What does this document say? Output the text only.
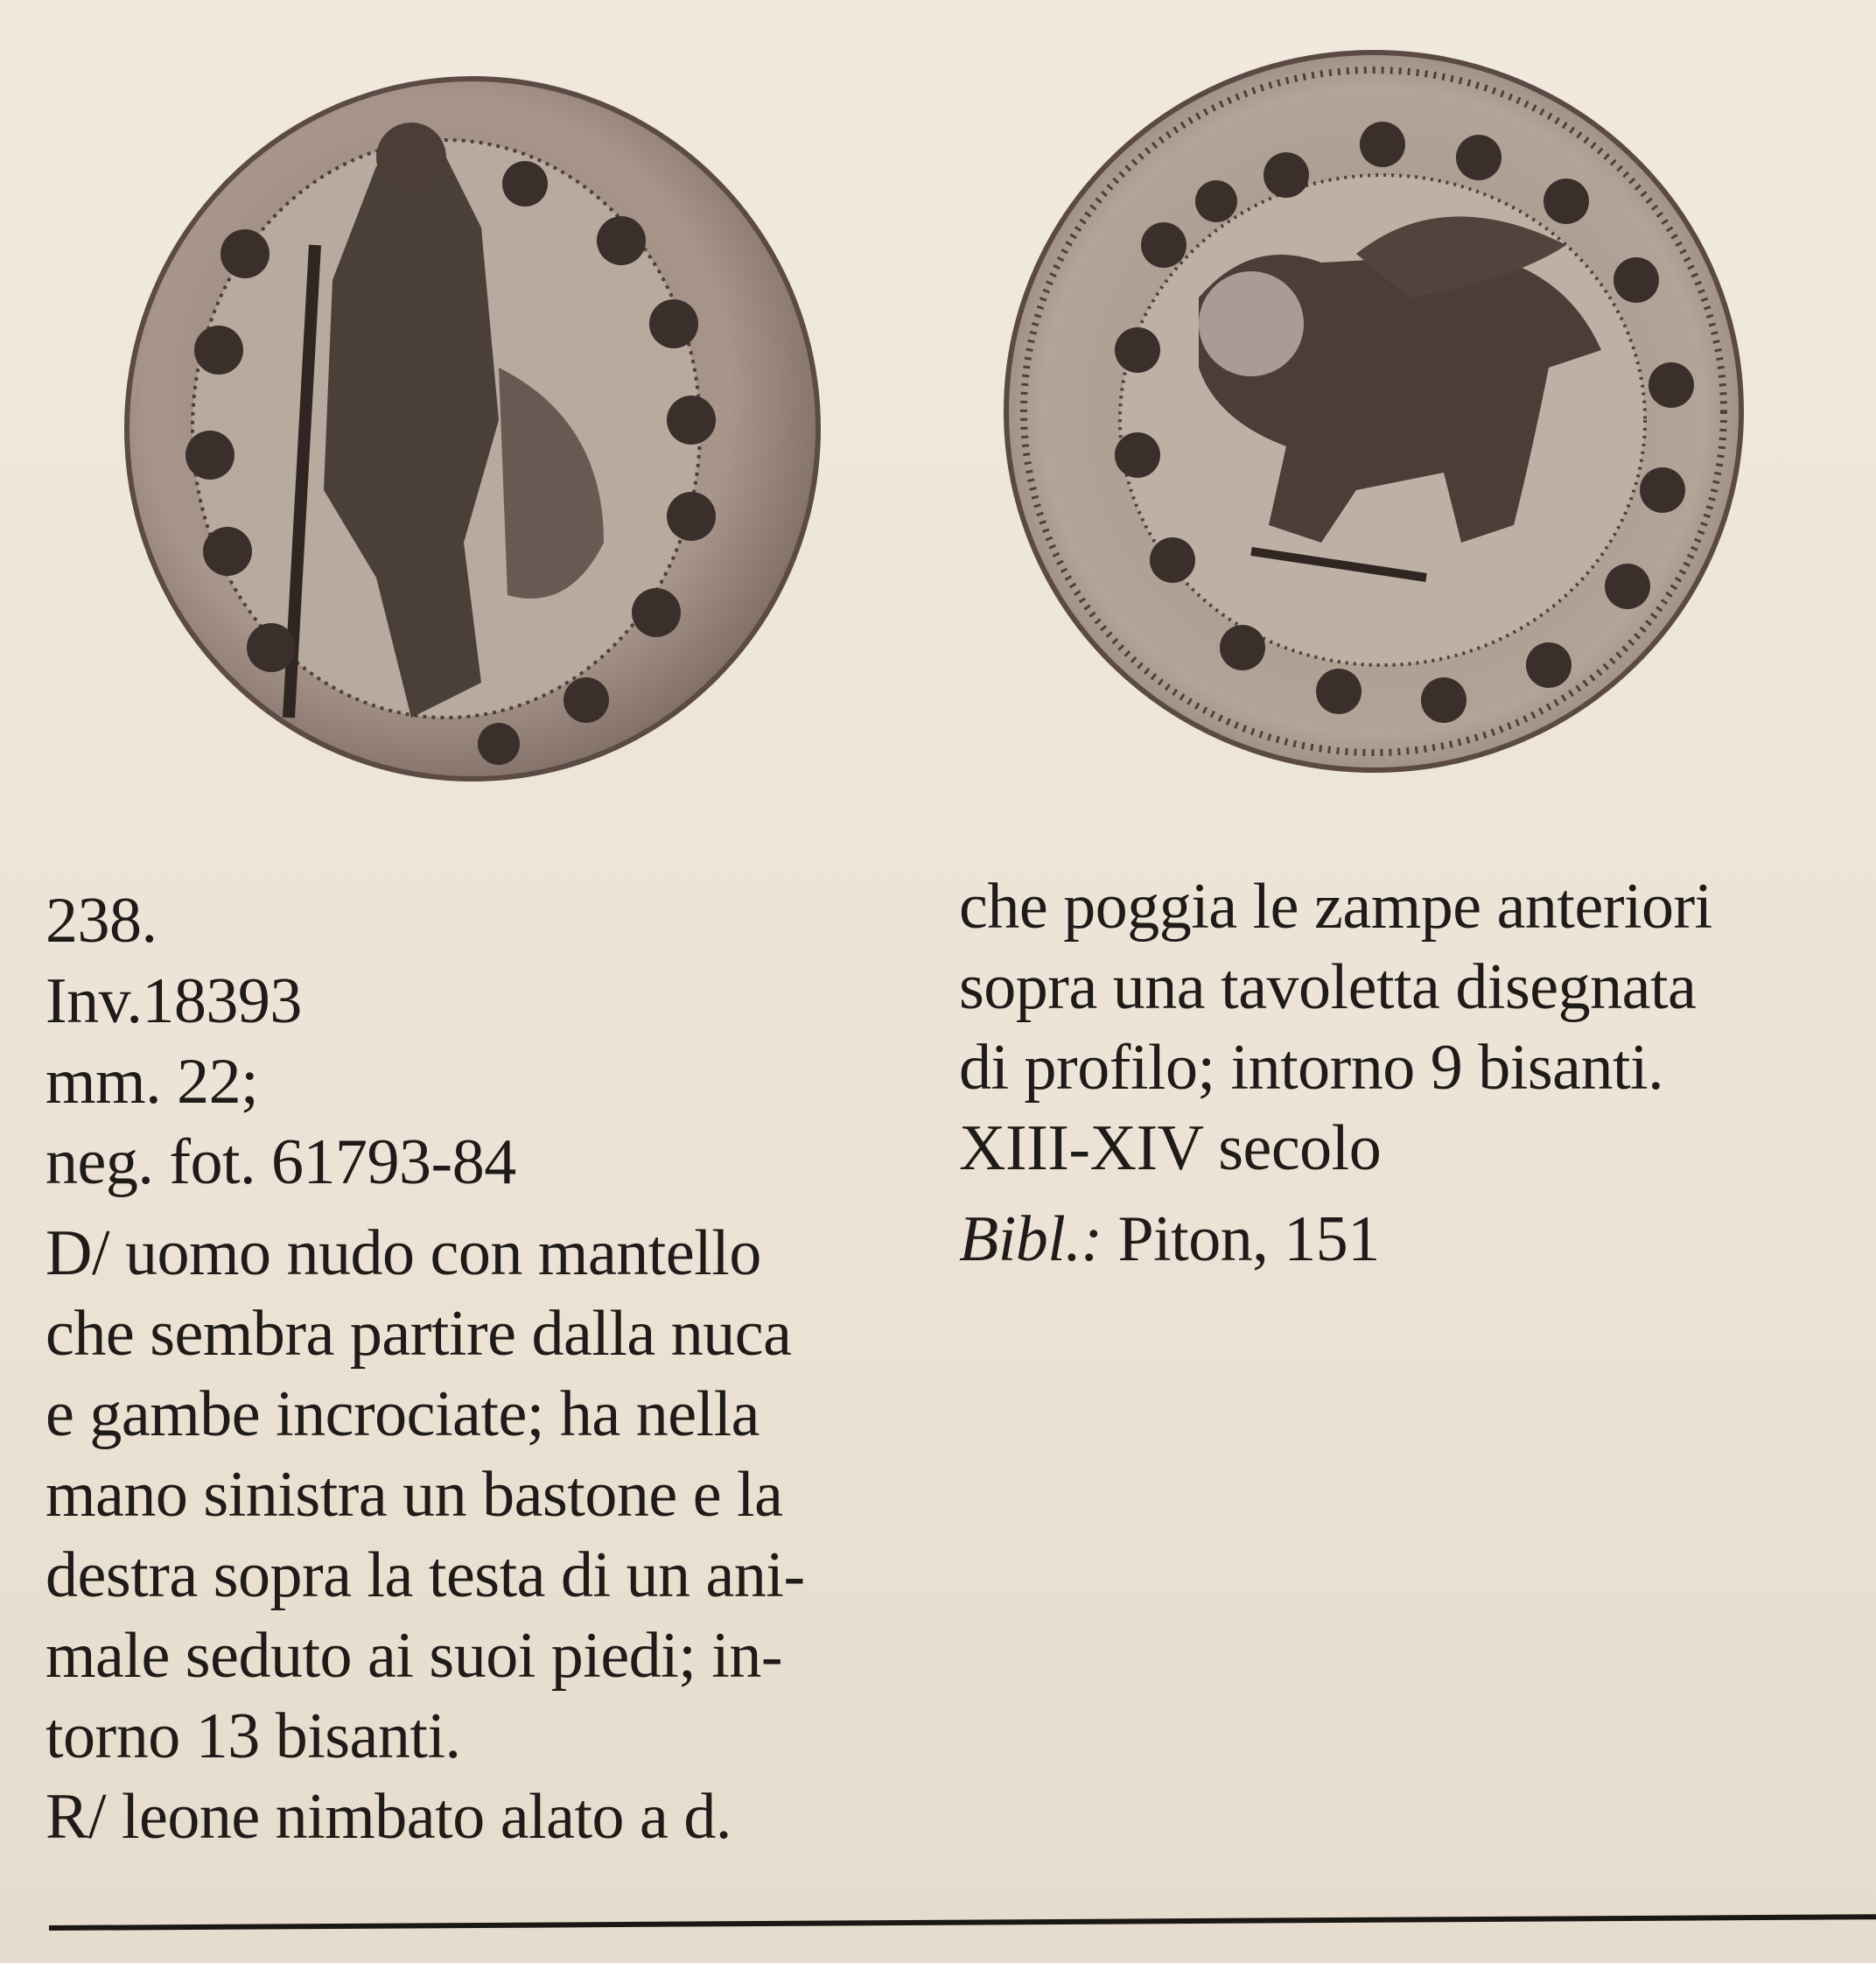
238.
Inv.18393
mm. 22;
neg. fot. 61793-84
D/ uomo nudo con mantello
che sembra partire dalla nuca
e gambe incrociate; ha nella
mano sinistra un bastone e la
destra sopra la testa di un ani-
male seduto ai suoi piedi; in-
torno 13 bisanti.
R/ leone nimbato alato a d.
che poggia le zampe anteriori
sopra una tavoletta disegnata
di profilo; intorno 9 bisanti.
XIII-XIV secolo
Bibl.: Piton, 151
